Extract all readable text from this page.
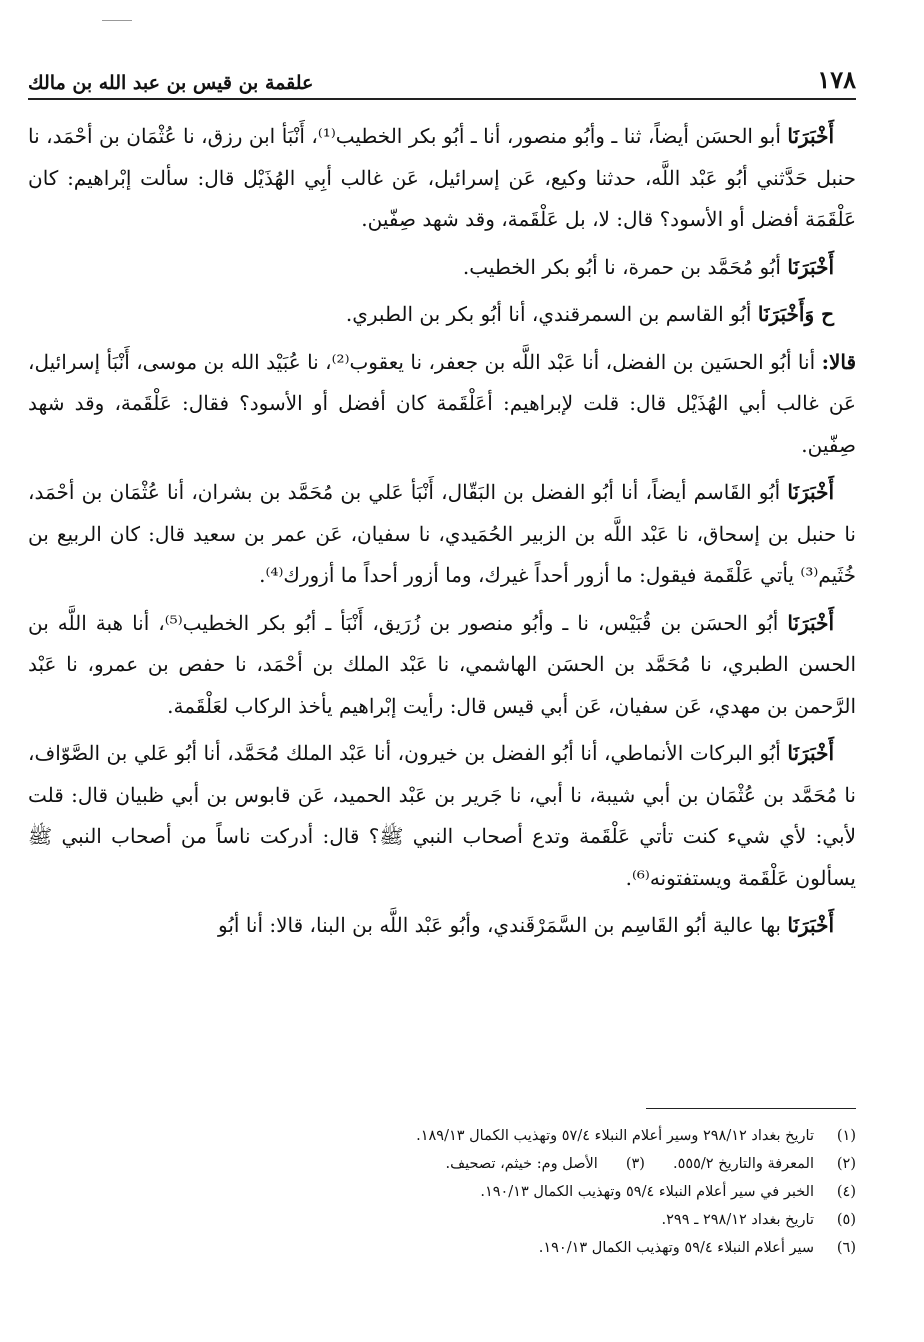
١٧٨
علقمة بن قيس بن عبد الله بن مالك

أَخْبَرَنَا أبو الحسَن أيضاً، ثنا ـ وأبُو منصور، أنا ـ أبُو بكر الخطيب⁽¹⁾، أَنْبَأ ابن رزق، نا عُثْمَان بن أحْمَد، نا حنبل حَدَّثني أبُو عَبْد اللَّه، حدثنا وكيع، عَن إسرائيل، عَن غالب أبِي الهُذَيْل قال: سألت إبْراهيم: كان عَلْقَمَة أفضل أو الأسود؟ قال: لا، بل عَلْقَمة، وقد شهد صِفّين.

أَخْبَرَنَا أبُو مُحَمَّد بن حمرة، نا أبُو بكر الخطيب.

ح وَأَخْبَرَنَا أبُو القاسم بن السمرقندي، أنا أبُو بكر بن الطبري.

قالا: أنا أبُو الحسَين بن الفضل، أنا عَبْد اللَّه بن جعفر، نا يعقوب⁽²⁾، نا عُبَيْد الله بن موسى، أَنْبَأ إسرائيل، عَن غالب أبي الهُذَيْل قال: قلت لإبراهيم: أعَلْقَمة كان أفضل أو الأسود؟ فقال: عَلْقَمة، وقد شهد صِفّين.

أَخْبَرَنَا أبُو القَاسم أيضاً، أنا أبُو الفضل بن البَقّال، أَنْبَأ عَلي بن مُحَمَّد بن بشران، أنا عُثْمَان بن أحْمَد، نا حنبل بن إسحاق، نا عَبْد اللَّه بن الزبير الحُمَيدي، نا سفيان، عَن عمر بن سعيد قال: كان الربيع بن خُثَيم⁽³⁾ يأتي عَلْقَمة فيقول: ما أزور أحداً غيرك، وما أزور أحداً ما أزورك⁽⁴⁾.

أَخْبَرَنَا أبُو الحسَن بن قُبَيْس، نا ـ وأبُو منصور بن زُرَيق، أَنْبَأ ـ أبُو بكر الخطيب⁽⁵⁾، أنا هبة اللَّه بن الحسن الطبري، نا مُحَمَّد بن الحسَن الهاشمي، نا عَبْد الملك بن أحْمَد، نا حفص بن عمرو، نا عَبْد الرَّحمن بن مهدي، عَن سفيان، عَن أبي قيس قال: رأيت إبْراهيم يأخذ الركاب لعَلْقَمة.

أَخْبَرَنَا أبُو البركات الأنماطي، أنا أبُو الفضل بن خيرون، أنا عَبْد الملك مُحَمَّد، أنا أبُو عَلي بن الصَّوّاف، نا مُحَمَّد بن عُثْمَان بن أبي شيبة، نا أبي، نا جَرير بن عَبْد الحميد، عَن قابوس بن أبي ظبيان قال: قلت لأبي: لأي شيء كنت تأتي عَلْقَمة وتدع أصحاب النبي ﷺ؟ قال: أدركت ناساً من أصحاب النبي ﷺ يسألون عَلْقَمة ويستفتونه⁽⁶⁾.

أَخْبَرَنَا بها عالية أبُو القَاسِم بن السَّمَرْقَندي، وأبُو عَبْد اللَّه بن البنا، قالا: أنا أبُو

(١)
تاريخ بغداد ٢٩٨/١٢ وسير أعلام النبلاء ٥٧/٤ وتهذيب الكمال ١٨٩/١٣.
(٢)
المعرفة والتاريخ ٥٥٥/٢.(٣)الأصل وم: خيثم، تصحيف.
(٤)
الخبر في سير أعلام النبلاء ٥٩/٤ وتهذيب الكمال ١٩٠/١٣.
(٥)
تاريخ بغداد ٢٩٨/١٢ ـ ٢٩٩.
(٦)
سير أعلام النبلاء ٥٩/٤ وتهذيب الكمال ١٩٠/١٣.
